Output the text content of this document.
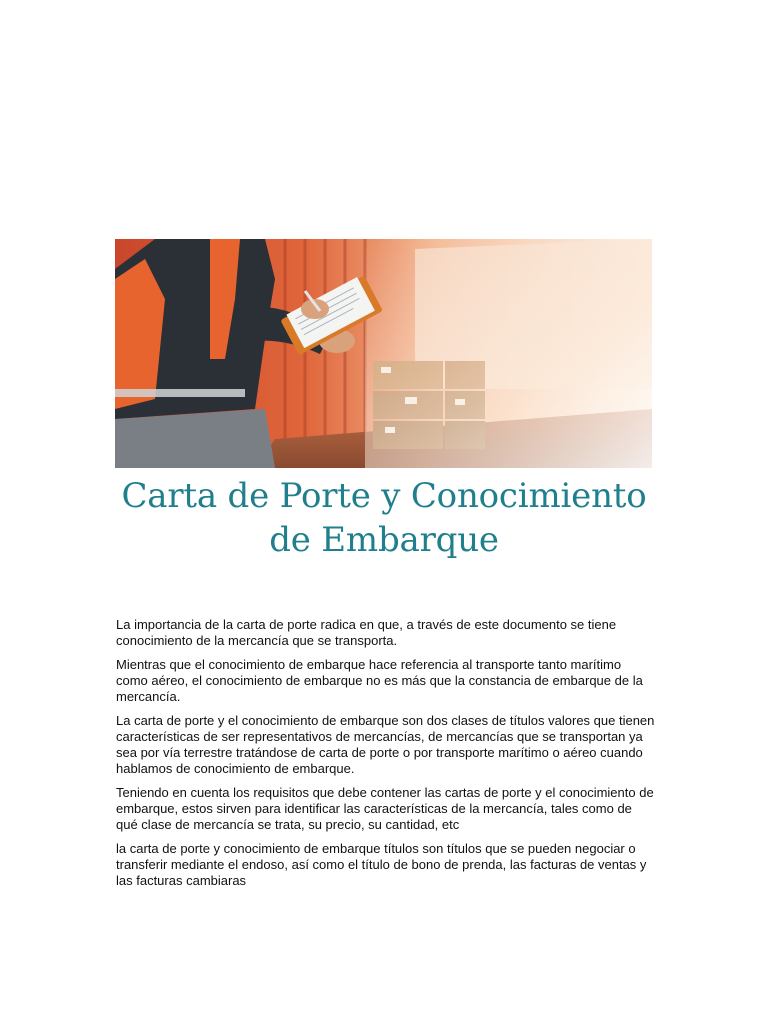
Carta de Porte y Conocimiento de Embarque

La importancia de la carta de porte radica en que, a través de este documento se tiene conocimiento de la mercancía que se transporta.

Mientras que el conocimiento de embarque hace referencia al transporte tanto marítimo como aéreo, el conocimiento de embarque no es más que la constancia de embarque de la mercancía.

La carta de porte y el conocimiento de embarque son dos clases de títulos valores que tienen características de ser representativos de mercancías, de mercancías que se transportan ya sea por vía terrestre tratándose de carta de porte o por transporte marítimo o aéreo cuando hablamos de conocimiento de embarque.

Teniendo en cuenta los requisitos que debe contener las cartas de porte y el conocimiento de embarque, estos sirven para identificar las características de la mercancía, tales como de qué clase de mercancía se trata, su precio, su cantidad, etc

la carta de porte y conocimiento de embarque títulos son títulos que se pueden negociar o transferir mediante el endoso, así como el título de bono de prenda, las facturas de ventas y las facturas cambiaras
